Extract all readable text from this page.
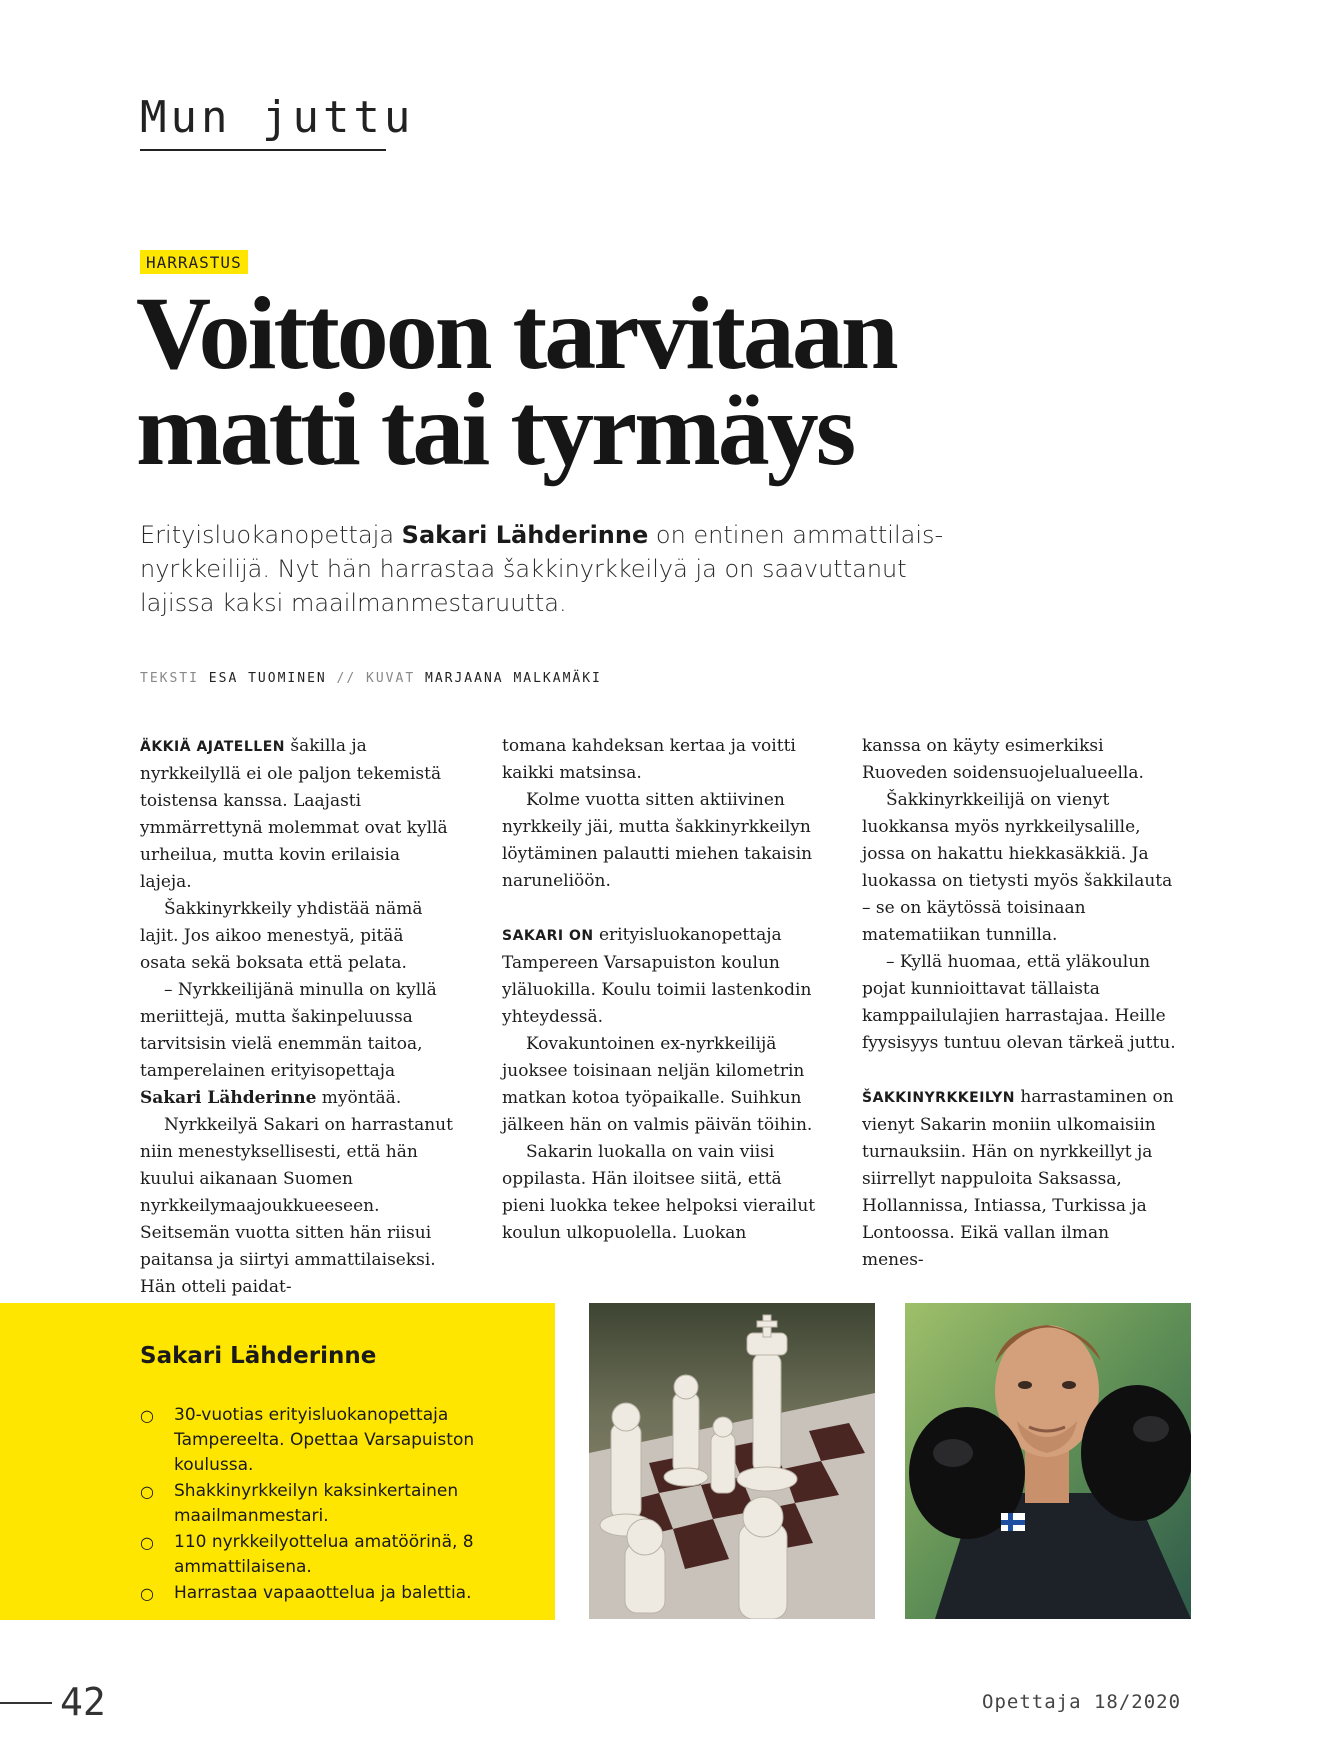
Mun juttu
HARRASTUS
Voittoon tarvitaan
matti tai tyrmäys

Erityisluokanopettaja Sakari Lähderinne on entinen ammattilais-nyrkkeilijä. Nyt hän harrastaa šakkinyrkkeilyä ja on saavuttanut lajissa kaksi maailmanmestaruutta.

TEKSTI ESA TUOMINEN // KUVAT MARJAANA MALKAMÄKI

ÄKKIÄ AJATELLEN šakilla ja nyrkkeilyllä ei ole paljon tekemistä toistensa kanssa. Laajasti ymmärrettynä molemmat ovat kyllä urheilua, mutta kovin erilaisia lajeja.

Šakkinyrkkeily yhdistää nämä lajit. Jos aikoo menestyä, pitää osata sekä boksata että pelata.

– Nyrkkeilijänä minulla on kyllä meriittejä, mutta šakinpeluussa tarvitsisin vielä enemmän taitoa, tamperelainen erityisopettaja Sakari Lähderinne myöntää.

Nyrkkeilyä Sakari on harrastanut niin menestyksellisesti, että hän kuului aikanaan Suomen nyrkkeilymaajoukkueeseen. Seitsemän vuotta sitten hän riisui paitansa ja siirtyi ammattilaiseksi. Hän otteli paidat-

tomana kahdeksan kertaa ja voitti kaikki matsinsa.

Kolme vuotta sitten aktiivinen nyrkkeily jäi, mutta šakkinyrkkeilyn löytäminen palautti miehen takaisin naruneliöön.

SAKARI ON erityisluokanopettaja Tampereen Varsapuiston koulun yläluokilla. Koulu toimii lastenkodin yhteydessä.

Kovakuntoinen ex-nyrkkeilijä juoksee toisinaan neljän kilometrin matkan kotoa työpaikalle. Suihkun jälkeen hän on valmis päivän töihin.

Sakarin luokalla on vain viisi oppilasta. Hän iloitsee siitä, että pieni luokka tekee helpoksi vierailut koulun ulkopuolella. Luokan

kanssa on käyty esimerkiksi Ruoveden soidensuojelualueella.

Šakkinyrkkeilijä on vienyt luokkansa myös nyrkkeilysalille, jossa on hakattu hiekkasäkkiä. Ja luokassa on tietysti myös šakkilauta – se on käytössä toisinaan matematiikan tunnilla.

– Kyllä huomaa, että yläkoulun pojat kunnioittavat tällaista kamppailulajien harrastajaa. Heille fyysisyys tuntuu olevan tärkeä juttu.

ŠAKKINYRKKEILYN harrastaminen on vienyt Sakarin moniin ulkomaisiin turnauksiin. Hän on nyrkkeillyt ja siirrellyt nappuloita Saksassa, Hollannissa, Intiassa, Turkissa ja Lontoossa. Eikä vallan ilman menes-

Sakari Lähderinne
○ 30-vuotias erityisluokanopettaja Tampereelta. Opettaa Varsapuiston koulussa.
○ Shakkinyrkkeilyn kaksinkertainen maailmanmestari.
○ 110 nyrkkeilyottelua amatöörinä, 8 ammattilaisena.
○ Harrastaa vapaaottelua ja balettia.
42	Opettaja 18/2020
